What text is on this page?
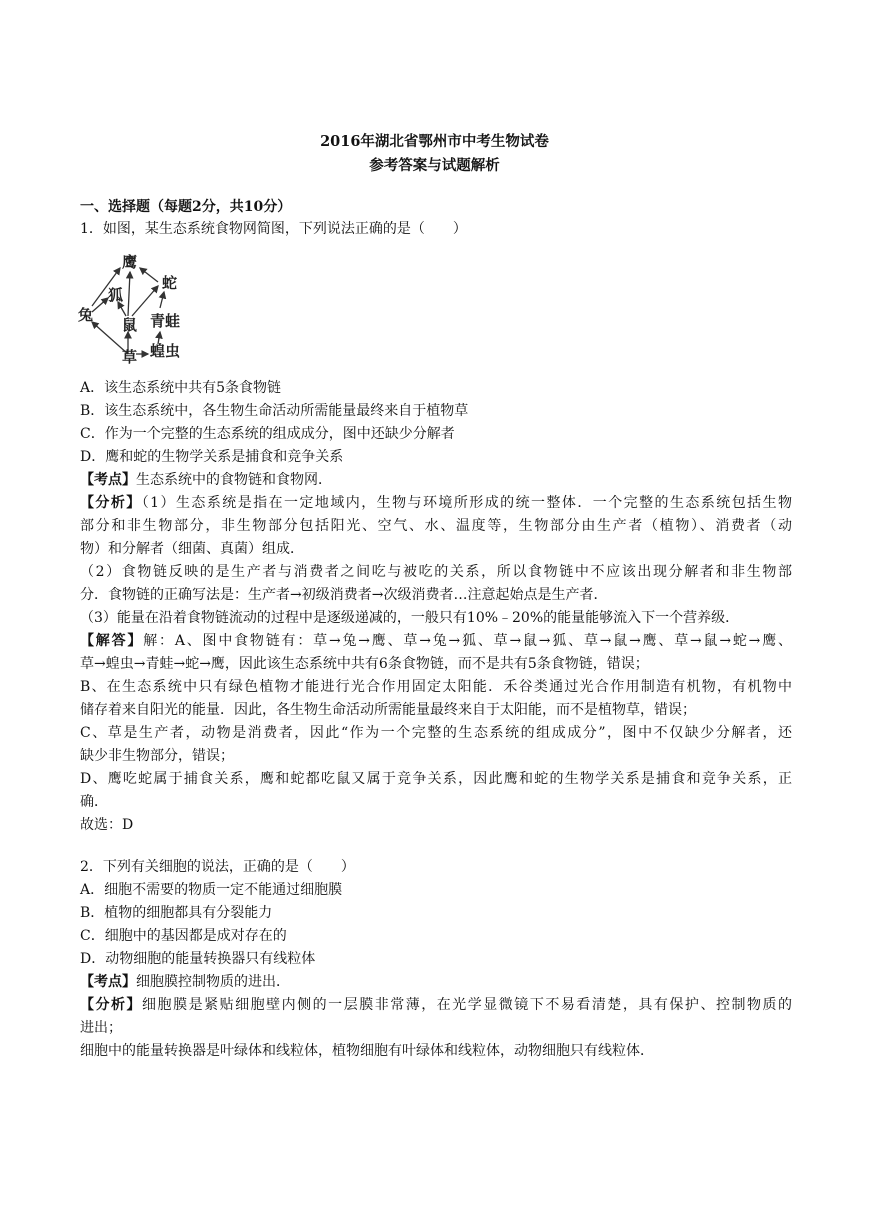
2016年湖北省鄂州市中考生物试卷
参考答案与试题解析
一、选择题（每题2分，共10分）
1．如图，某生态系统食物网简图，下列说法正确的是（　　）
鹰
蛇
狐
兔
鼠 青蛙
草 蝗虫
A．该生态系统中共有5条食物链
B．该生态系统中，各生物生命活动所需能量最终来自于植物草
C．作为一个完整的生态系统的组成成分，图中还缺少分解者
D．鹰和蛇的生物学关系是捕食和竞争关系
【考点】生态系统中的食物链和食物网．
【分析】（1）生态系统是指在一定地域内，生物与环境所形成的统一整体．一个完整的生态系统包括生物
部分和非生物部分，非生物部分包括阳光、空气、水、温度等，生物部分由生产者（植物）、消费者（动
物）和分解者（细菌、真菌）组成．
（2）食物链反映的是生产者与消费者之间吃与被吃的关系，所以食物链中不应该出现分解者和非生物部
分．食物链的正确写法是：生产者→初级消费者→次级消费者…注意起始点是生产者．
（3）能量在沿着食物链流动的过程中是逐级递减的，一般只有10%﹣20%的能量能够流入下一个营养级．
【解答】解：A、图中食物链有：草→兔→鹰、草→兔→狐、草→鼠→狐、草→鼠→鹰、草→鼠→蛇→鹰、
草→蝗虫→青蛙→蛇→鹰，因此该生态系统中共有6条食物链，而不是共有5条食物链，错误；
B、在生态系统中只有绿色植物才能进行光合作用固定太阳能．禾谷类通过光合作用制造有机物，有机物中
储存着来自阳光的能量．因此，各生物生命活动所需能量最终来自于太阳能，而不是植物草，错误；
C、草是生产者，动物是消费者，因此“作为一个完整的生态系统的组成成分”，图中不仅缺少分解者，还
缺少非生物部分，错误；
D、鹰吃蛇属于捕食关系，鹰和蛇都吃鼠又属于竞争关系，因此鹰和蛇的生物学关系是捕食和竞争关系，正
确．
故选：D
2．下列有关细胞的说法，正确的是（　　）
A．细胞不需要的物质一定不能通过细胞膜
B．植物的细胞都具有分裂能力
C．细胞中的基因都是成对存在的
D．动物细胞的能量转换器只有线粒体
【考点】细胞膜控制物质的进出．
【分析】细胞膜是紧贴细胞壁内侧的一层膜非常薄，在光学显微镜下不易看清楚，具有保护、控制物质的
进出；
细胞中的能量转换器是叶绿体和线粒体，植物细胞有叶绿体和线粒体，动物细胞只有线粒体．
